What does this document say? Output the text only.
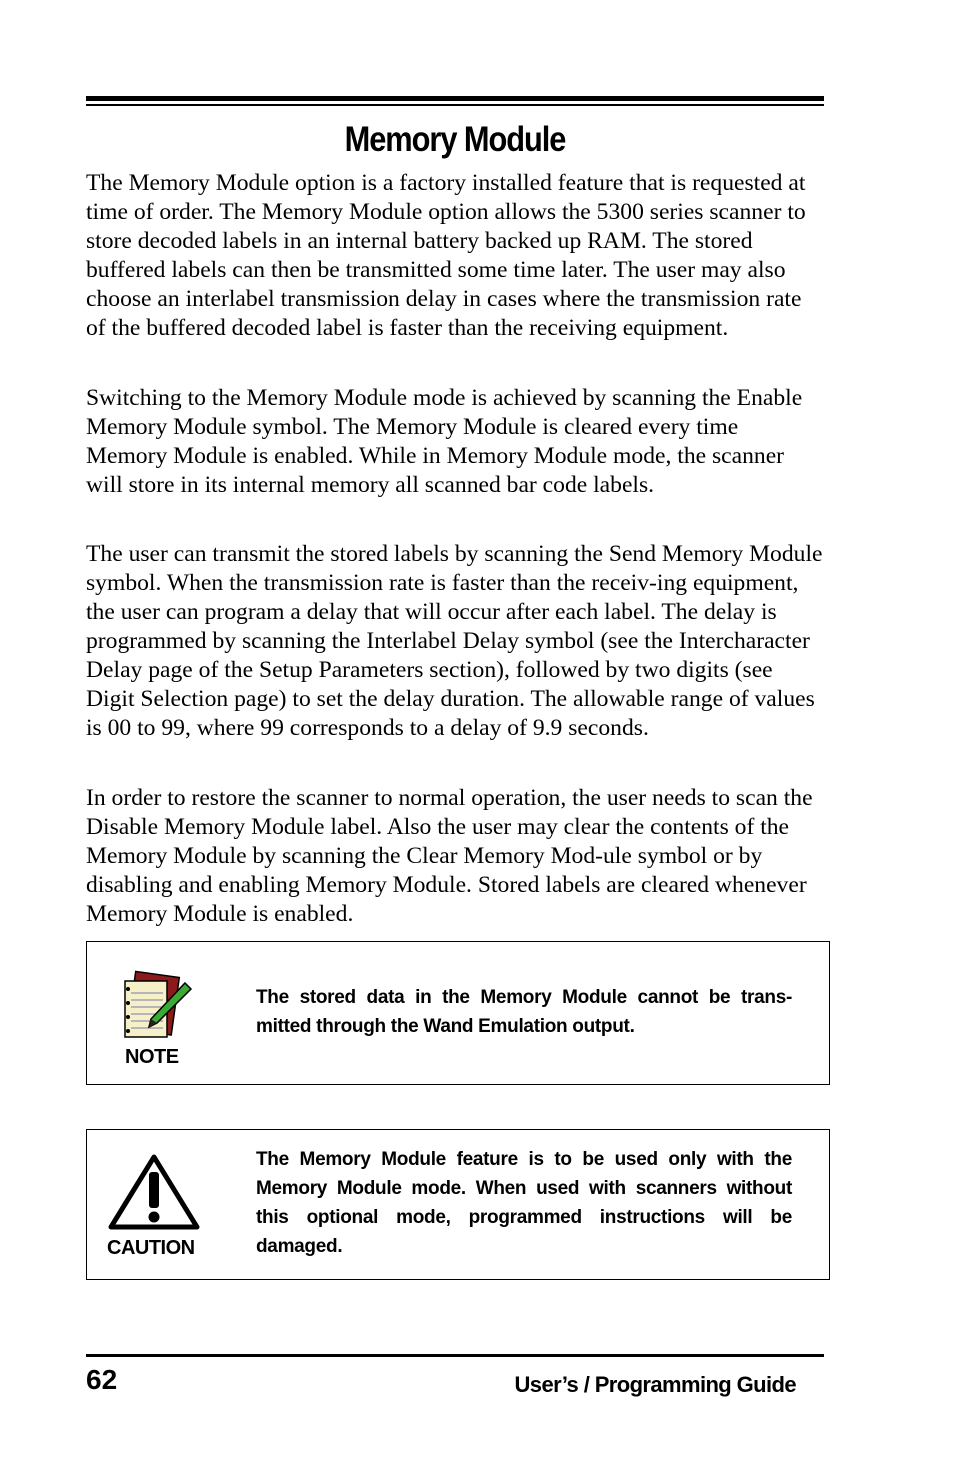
Memory Module

The Memory Module option is a factory installed feature that is requested at time of order. The Memory Module option allows the 5300 series scanner to store decoded labels in an internal battery backed up RAM. The stored buffered labels can then be transmitted some time later. The user may also choose an interlabel transmission delay in cases where the transmission rate of the buffered decoded label is faster than the receiving equipment.

Switching to the Memory Module mode is achieved by scanning the Enable Memory Module symbol. The Memory Module is cleared every time Memory Module is enabled. While in Memory Module mode, the scanner will store in its internal memory all scanned bar code labels.

The user can transmit the stored labels by scanning the Send Memory Module symbol. When the transmission rate is faster than the receiv-ing equipment, the user can program a delay that will occur after each label. The delay is programmed by scanning the Interlabel Delay symbol (see the Intercharacter Delay page of the Setup Parameters section), followed by two digits (see Digit Selection page) to set the delay duration. The allowable range of values is 00 to 99, where 99 corresponds to a delay of 9.9 seconds.

In order to restore the scanner to normal operation, the user needs to scan the Disable Memory Module label. Also the user may clear the contents of the Memory Module by scanning the Clear Memory Mod-ule symbol or by disabling and enabling Memory Module. Stored labels are cleared whenever Memory Module is enabled.

NOTE
The stored data in the Memory Module cannot be trans-mitted through the Wand Emulation output.
CAUTION
The Memory Module feature is to be used only with the Memory Module mode. When used with scanners without this optional mode, programmed instructions will be damaged.
62	User’s / Programming Guide
